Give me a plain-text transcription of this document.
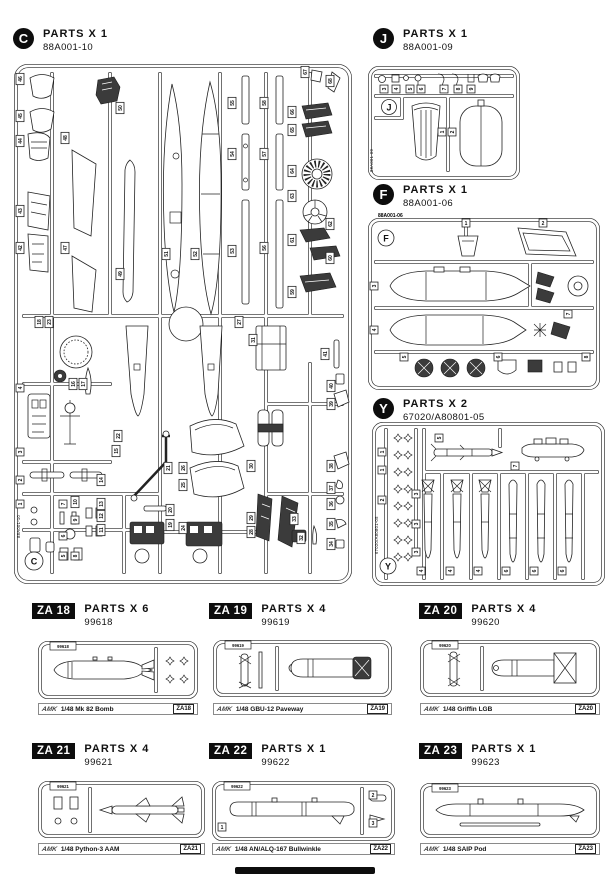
C	PARTS X 1
88A001-10
88A001-10
C
46
45
44
43
42
48
47
50
49
51	52
55
54
53
58
57
56
67
68
66
65
64
63
62
61
60
59
18 23	27
4
16 17
3	15
22
2	14
1	7 10	13
12
11
9
6
5 8
21
20
19
26
25
24
31
41
40
39
30	38
29
28
33
32
37
36
35
34
J	PARTS X 1
88A001-09
88A001-09
J
3 4 5 6	7 8 9
1 2
F	PARTS X 1
88A001-06
88A001-06
F
1	2
3
4
5	6
7
8
Y	PARTS X 2
67020/A80801-05
67020/A80801-05
Y
1
1
2
3
3
3
5
7
4	4	4	6	6	6
ZA 18	PARTS X 6
99618
ZA 19	PARTS X 4
99619
ZA 20	PARTS X 4
99620
99618	99619	99620
AMK 1/48 Mk 82 Bomb	ZA18	AMK 1/48 GBU-12 Paveway	ZA19	AMK 1/48 Griffin LGB	ZA20
ZA 21	PARTS X 4
99621
ZA 22	PARTS X 1
99622
ZA 23	PARTS X 1
99623
99621	99622
1
2
3
99623
AMK 1/48 Python-3 AAM	ZA21	AMK 1/48 AN/ALQ-167 Bullwinkle	ZA22	AMK 1/48 SAIP Pod	ZA23
